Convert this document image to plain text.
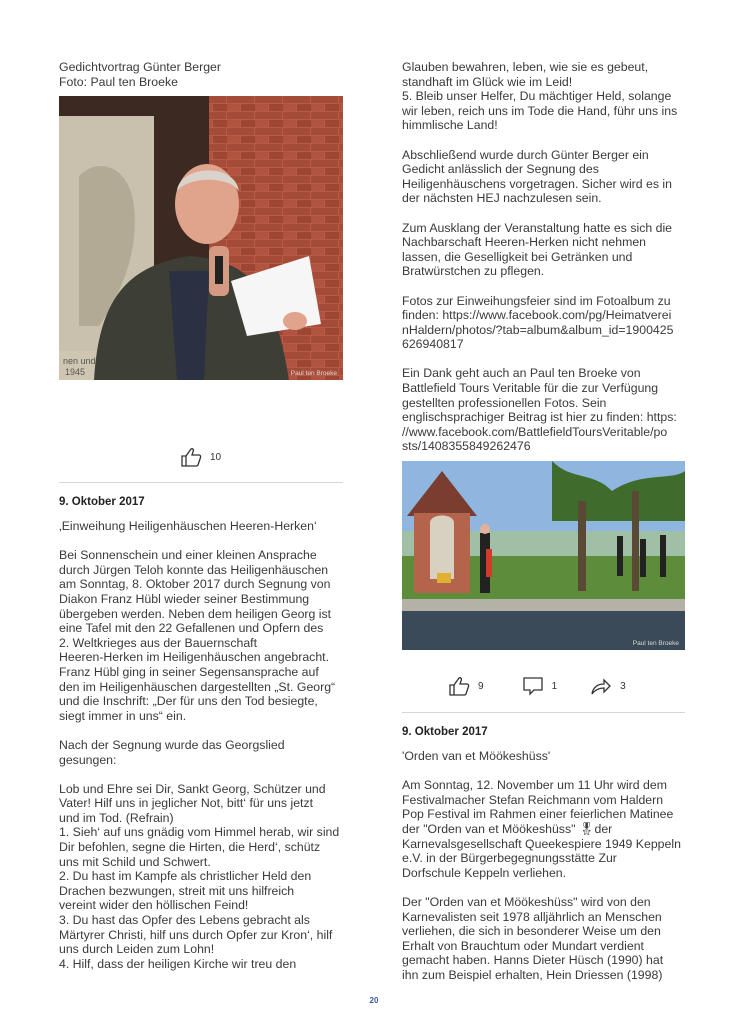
Gedichtvortrag Günter Berger
Foto: Paul ten Broeke

nen und
1945	Paul ten Broeke
10

9. Oktober 2017

‚Einweihung Heiligenhäuschen Heeren-Herken‘

Bei Sonnenschein und einer kleinen Ansprache
durch Jürgen Teloh konnte das Heiligenhäuschen
am Sonntag, 8. Oktober 2017 durch Segnung von
Diakon Franz Hübl wieder seiner Bestimmung
übergeben werden. Neben dem heiligen Georg ist
eine Tafel mit den 22 Gefallenen und Opfern des
2. Weltkrieges aus der Bauernschaft
Heeren-Herken im Heiligenhäuschen angebracht.
Franz Hübl ging in seiner Segensansprache auf
den im Heiligenhäuschen dargestellten „St. Georg“
und die Inschrift: „Der für uns den Tod besiegte,
siegt immer in uns“ ein.

Nach der Segnung wurde das Georgslied
gesungen:

Lob und Ehre sei Dir, Sankt Georg, Schützer und
Vater! Hilf uns in jeglicher Not, bitt‘ für uns jetzt
und im Tod. (Refrain)
1. Sieh‘ auf uns gnädig vom Himmel herab, wir sind
Dir befohlen, segne die Hirten, die Herd‘, schütz
uns mit Schild und Schwert.
2. Du hast im Kampfe als christlicher Held den
Drachen bezwungen, streit mit uns hilfreich
vereint wider den höllischen Feind!
3. Du hast das Opfer des Lebens gebracht als
Märtyrer Christi, hilf uns durch Opfer zur Kron‘, hilf
uns durch Leiden zum Lohn!
4. Hilf, dass der heiligen Kirche wir treu den

Glauben bewahren, leben, wie sie es gebeut,
standhaft im Glück wie im Leid!
5. Bleib unser Helfer, Du mächtiger Held, solange
wir leben, reich uns im Tode die Hand, führ uns ins
himmlische Land!

Abschließend wurde durch Günter Berger ein
Gedicht anlässlich der Segnung des
Heiligenhäuschens vorgetragen. Sicher wird es in
der nächsten HEJ nachzulesen sein.

Zum Ausklang der Veranstaltung hatte es sich die
Nachbarschaft Heeren-Herken nicht nehmen
lassen, die Geselligkeit bei Getränken und
Bratwürstchen zu pflegen.

Fotos zur Einweihungsfeier sind im Fotoalbum zu
finden: https://www.facebook.com/pg/Heimatverei
nHaldern/photos/?tab=album&album_id=1900425
626940817

Ein Dank geht auch an Paul ten Broeke von
Battlefield Tours Veritable für die zur Verfügung
gestellten professionellen Fotos. Sein
englischsprachiger Beitrag ist hier zu finden: https:
//www.facebook.com/BattlefieldToursVeritable/po
sts/1408355849262476

Paul ten Broeke
9	1	3

9. Oktober 2017

'Orden van et Möökeshüss'

Am Sonntag, 12. November um 11 Uhr wird dem
Festivalmacher Stefan Reichmann vom Haldern
Pop Festival im Rahmen einer feierlichen Matinee
der "Orden van et Möökeshüss" 🎖der
Karnevalsgesellschaft Queekespiere 1949 Keppeln
e.V. in der Bürgerbegegnungsstätte Zur
Dorfschule Keppeln verliehen.

Der "Orden van et Möökeshüss" wird von den
Karnevalisten seit 1978 alljährlich an Menschen
verliehen, die sich in besonderer Weise um den
Erhalt von Brauchtum oder Mundart verdient
gemacht haben. Hanns Dieter Hüsch (1990) hat
ihn zum Beispiel erhalten, Hein Driessen (1998)

20
